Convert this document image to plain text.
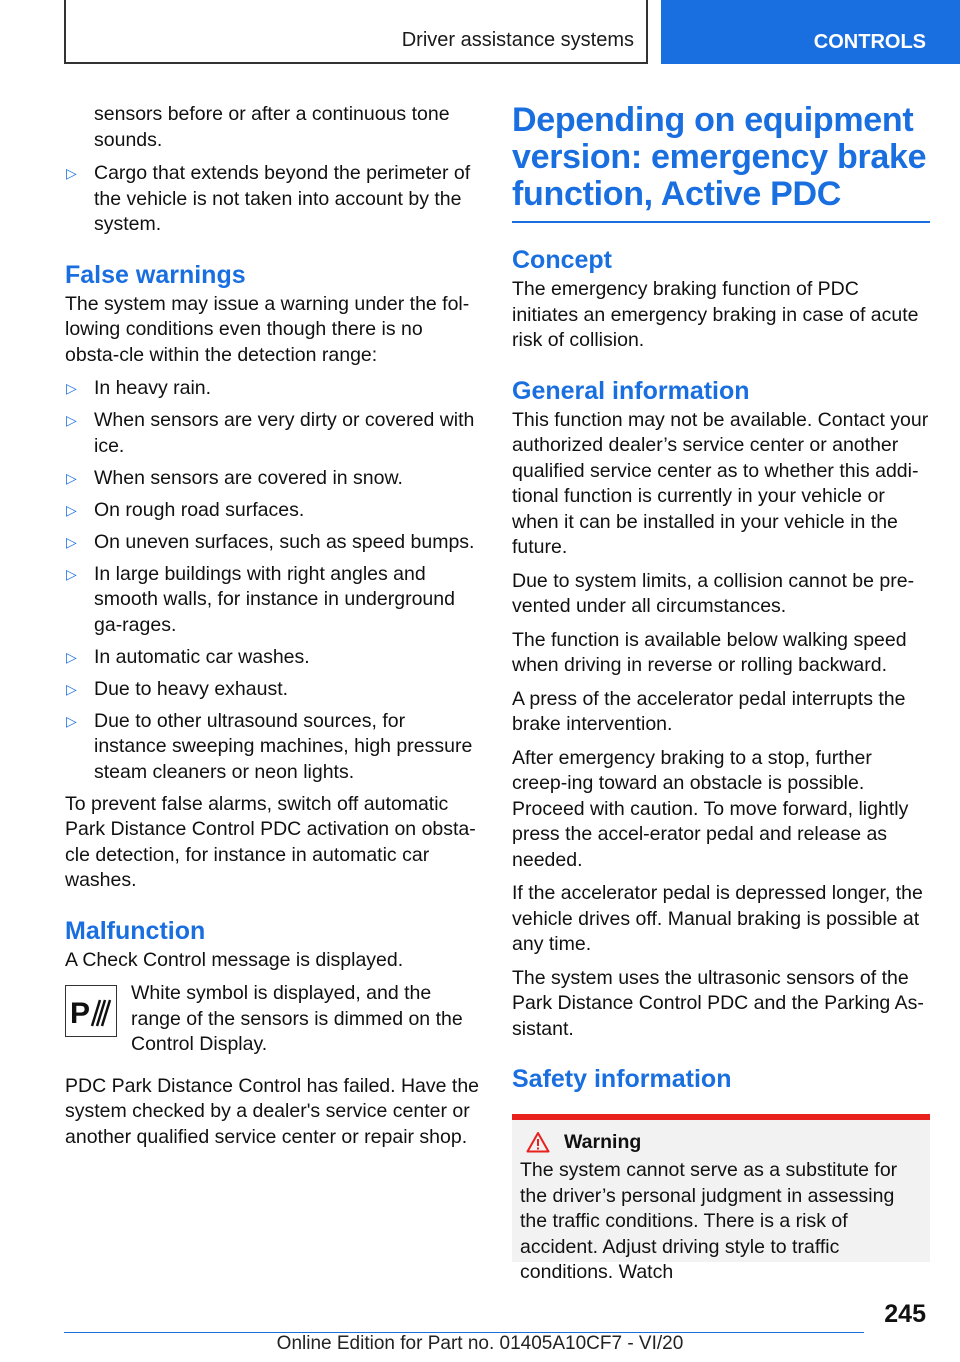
Driver assistance systems	CONTROLS

sensors before or after a continuous tone sounds.

▷ Cargo that extends beyond the perimeter of the vehicle is not taken into account by the system.
False warnings

The system may issue a warning under the fol‐lowing conditions even though there is no obsta‐cle within the detection range:

▷ In heavy rain.
▷ When sensors are very dirty or covered with ice.
▷ When sensors are covered in snow.
▷ On rough road surfaces.
▷ On uneven surfaces, such as speed bumps.
▷ In large buildings with right angles and smooth walls, for instance in underground ga‐rages.
▷ In automatic car washes.
▷ Due to heavy exhaust.
▷ Due to other ultrasound sources, for instance sweeping machines, high pressure steam cleaners or neon lights.

To prevent false alarms, switch off automatic Park Distance Control PDC activation on obsta‐cle detection, for instance in automatic car washes.

Malfunction

A Check Control message is displayed.

P

White symbol is displayed, and the range of the sensors is dimmed on the Control Display.

PDC Park Distance Control has failed. Have the system checked by a dealer's service center or another qualified service center or repair shop.

Depending on equipment version: emergency brake function, Active PDC
Concept

The emergency braking function of PDC initiates an emergency braking in case of acute risk of collision.

General information

This function may not be available. Contact your authorized dealer’s service center or another qualified service center as to whether this addi‐tional function is currently in your vehicle or when it can be installed in your vehicle in the future.

Due to system limits, a collision cannot be pre‐vented under all circumstances.

The function is available below walking speed when driving in reverse or rolling backward.

A press of the accelerator pedal interrupts the brake intervention.

After emergency braking to a stop, further creep‐ing toward an obstacle is possible. Proceed with caution. To move forward, lightly press the accel‐erator pedal and release as needed.

If the accelerator pedal is depressed longer, the vehicle drives off. Manual braking is possible at any time.

The system uses the ultrasonic sensors of the Park Distance Control PDC and the Parking As‐sistant.

Safety information
Warning

The system cannot serve as a substitute for the driver’s personal judgment in assessing the traffic conditions. There is a risk of accident. Adjust driving style to traffic conditions. Watch

245
Online Edition for Part no. 01405A10CF7 - VI/20
